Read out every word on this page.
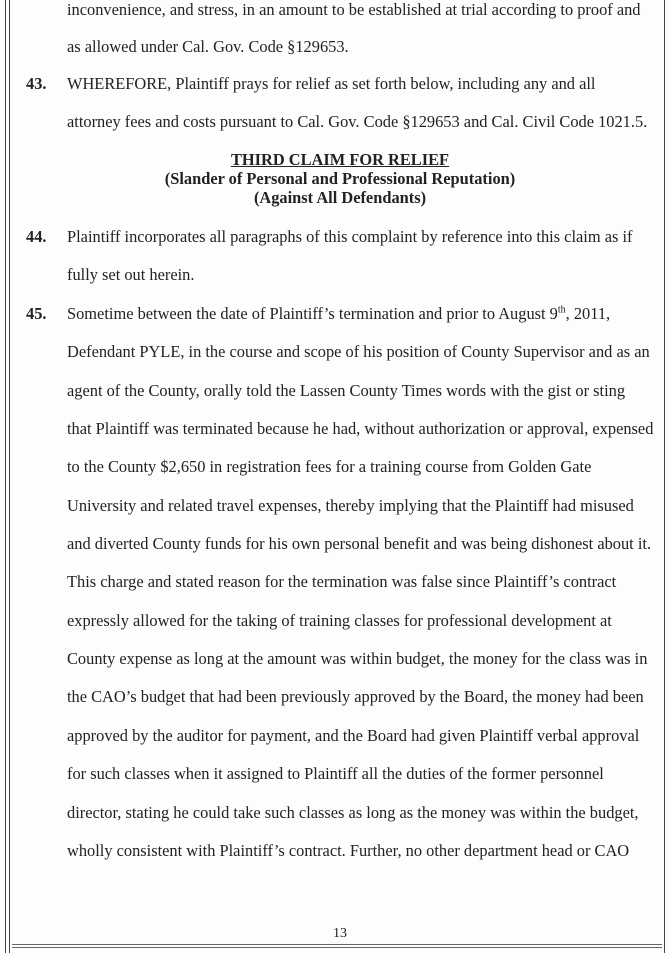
inconvenience, and stress, in an amount to be established at trial according to proof and
as allowed under Cal. Gov. Code §129653.
43. WHEREFORE, Plaintiff prays for relief as set forth below, including any and all
attorney fees and costs pursuant to Cal. Gov. Code §129653 and Cal. Civil Code 1021.5.
THIRD CLAIM FOR RELIEF
(Slander of Personal and Professional Reputation)
(Against All Defendants)
44. Plaintiff incorporates all paragraphs of this complaint by reference into this claim as if
fully set out herein.
45. Sometime between the date of Plaintiff’s termination and prior to August 9th, 2011,
Defendant PYLE, in the course and scope of his position of County Supervisor and as an
agent of the County, orally told the Lassen County Times words with the gist or sting
that Plaintiff was terminated because he had, without authorization or approval, expensed
to the County $2,650 in registration fees for a training course from Golden Gate
University and related travel expenses, thereby implying that the Plaintiff had misused
and diverted County funds for his own personal benefit and was being dishonest about it.
This charge and stated reason for the termination was false since Plaintiff’s contract
expressly allowed for the taking of training classes for professional development at
County expense as long at the amount was within budget, the money for the class was in
the CAO’s budget that had been previously approved by the Board, the money had been
approved by the auditor for payment, and the Board had given Plaintiff verbal approval
for such classes when it assigned to Plaintiff all the duties of the former personnel
director, stating he could take such classes as long as the money was within the budget,
wholly consistent with Plaintiff’s contract. Further, no other department head or CAO
13
